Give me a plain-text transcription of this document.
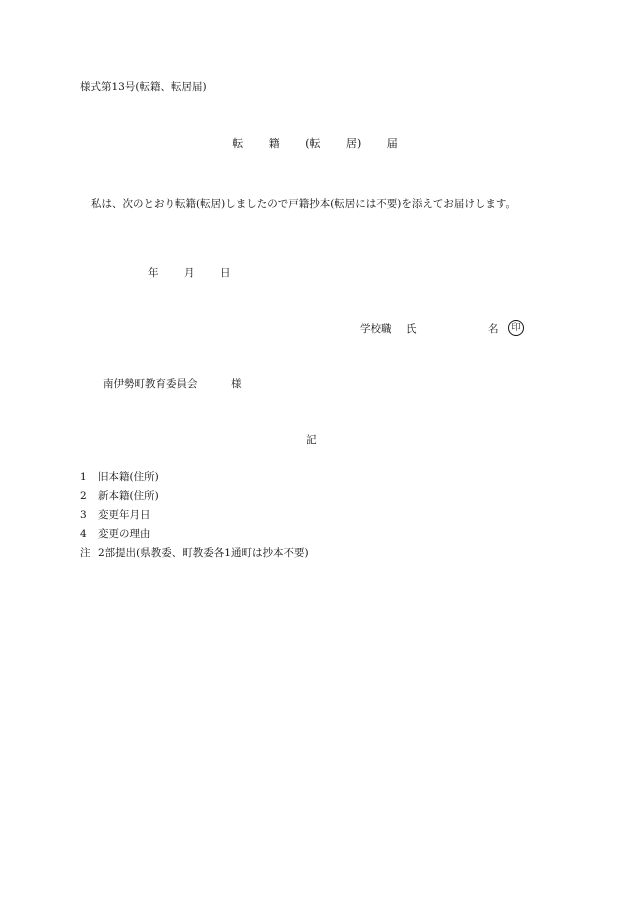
様式第13号(転籍、転居届)
転 籍 (転 居) 届
私は、次のとおり転籍(転居)しましたので戸籍抄本(転居には不要)を添えてお届けします。
年 月 日
学校職 氏	名	印
南伊勢町教育委員会	様
記
1 旧本籍(住所)
2 新本籍(住所)
3 変更年月日
4 変更の理由
注 2部提出(県教委、町教委各1通町は抄本不要)
